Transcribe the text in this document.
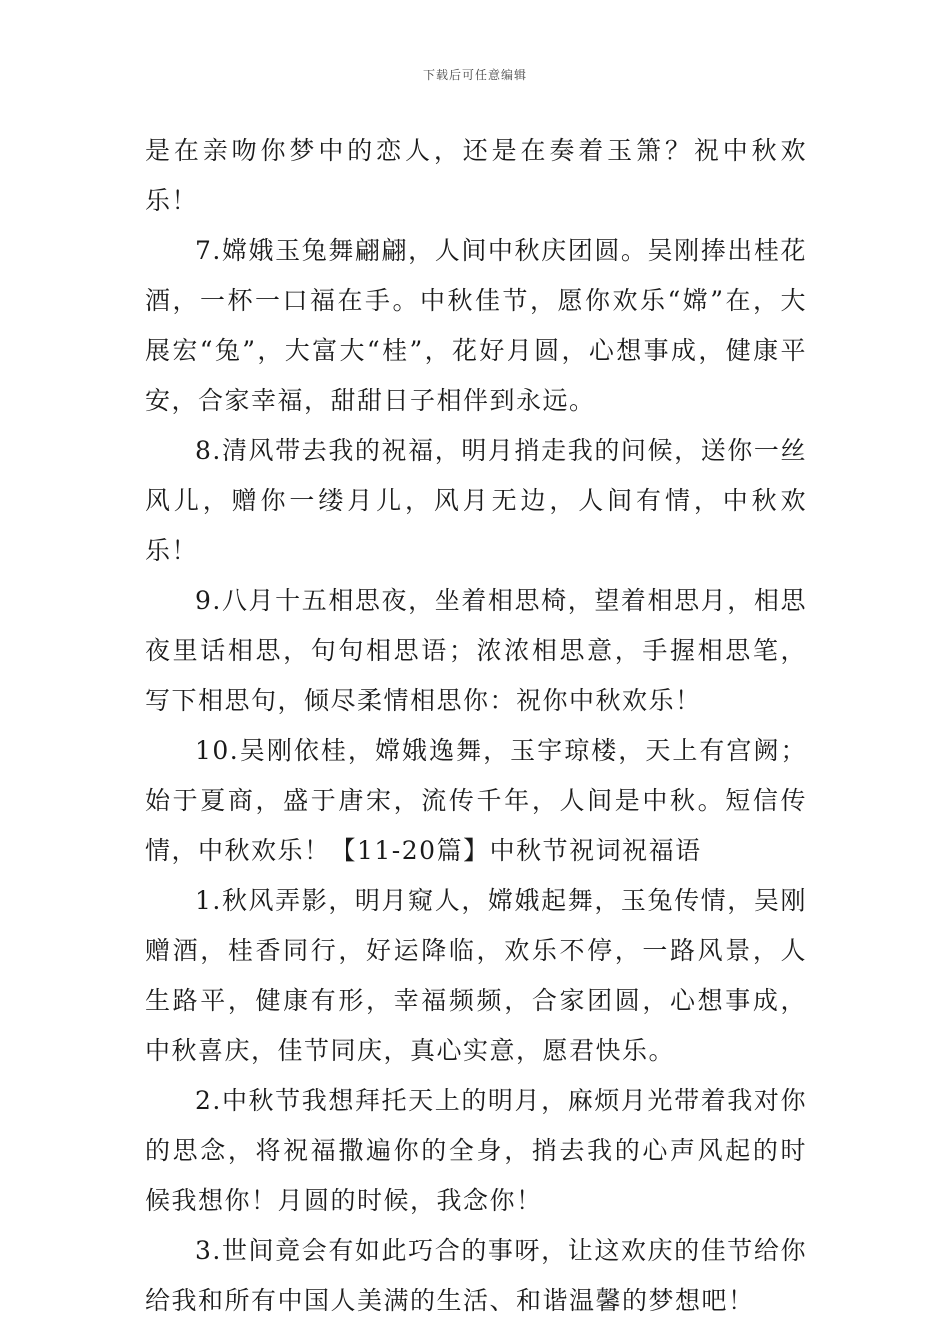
下载后可任意编辑

是在亲吻你梦中的恋人，还是在奏着玉箫？祝中秋欢乐！

7.嫦娥玉兔舞翩翩，人间中秋庆团圆。吴刚捧出桂花酒，一杯一口福在手。中秋佳节，愿你欢乐“嫦”在，大展宏“兔”，大富大“桂”，花好月圆，心想事成，健康平安，合家幸福，甜甜日子相伴到永远。

8.清风带去我的祝福，明月捎走我的问候，送你一丝风儿，赠你一缕月儿，风月无边，人间有情，中秋欢乐！

9.八月十五相思夜，坐着相思椅，望着相思月，相思夜里话相思，句句相思语；浓浓相思意，手握相思笔，写下相思句，倾尽柔情相思你：祝你中秋欢乐！

10.吴刚依桂，嫦娥逸舞，玉宇琼楼，天上有宫阙；始于夏商，盛于唐宋，流传千年，人间是中秋。短信传情，中秋欢乐！【11-20篇】中秋节祝词祝福语

1.秋风弄影，明月窥人，嫦娥起舞，玉兔传情，吴刚赠酒，桂香同行，好运降临，欢乐不停，一路风景，人生路平，健康有形，幸福频频，合家团圆，心想事成，中秋喜庆，佳节同庆，真心实意，愿君快乐。

2.中秋节我想拜托天上的明月，麻烦月光带着我对你的思念，将祝福撒遍你的全身，捎去我的心声风起的时候我想你！月圆的时候，我念你！

3.世间竟会有如此巧合的事呀，让这欢庆的佳节给你给我和所有中国人美满的生活、和谐温馨的梦想吧！
